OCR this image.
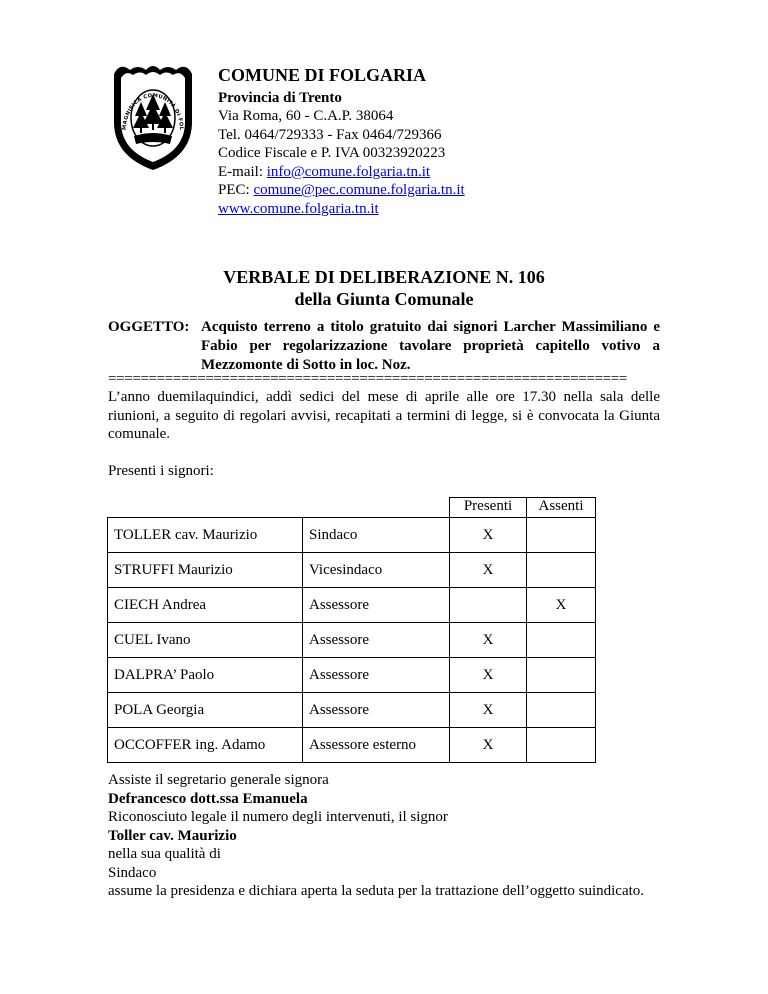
MAGNIFICA COMUNITÀ DI FOL
COMUNE DI FOLGARIA
Provincia di Trento
Via Roma, 60 - C.A.P. 38064
Tel. 0464/729333 - Fax 0464/729366
Codice Fiscale e P. IVA 00323920223
E-mail: info@comune.folgaria.tn.it
PEC: comune@pec.comune.folgaria.tn.it
www.comune.folgaria.tn.it
VERBALE DI DELIBERAZIONE N. 106
della Giunta Comunale
OGGETTO: Acquisto terreno a titolo gratuito dai signori Larcher Massimiliano e Fabio per regolarizzazione tavolare proprietà capitello votivo a Mezzomonte di Sotto in loc. Noz.
================================================================
L’anno duemilaquindici, addì sedici del mese di aprile alle ore 17.30 nella sala delle riunioni, a seguito di regolari avvisi, recapitati a termini di legge, si è convocata la Giunta comunale.
Presenti i signori:
		Presenti	Assenti
TOLLER cav. Maurizio	Sindaco	X	
STRUFFI Maurizio	Vicesindaco	X	
CIECH Andrea	Assessore		X
CUEL Ivano	Assessore	X	
DALPRA’ Paolo	Assessore	X	
POLA Georgia	Assessore	X	
OCCOFFER ing. Adamo	Assessore esterno	X	
Assiste il segretario generale signora
Defrancesco dott.ssa Emanuela
Riconosciuto legale il numero degli intervenuti, il signor
Toller cav. Maurizio
nella sua qualità di
Sindaco
assume la presidenza e dichiara aperta la seduta per la trattazione dell’oggetto suindicato.
